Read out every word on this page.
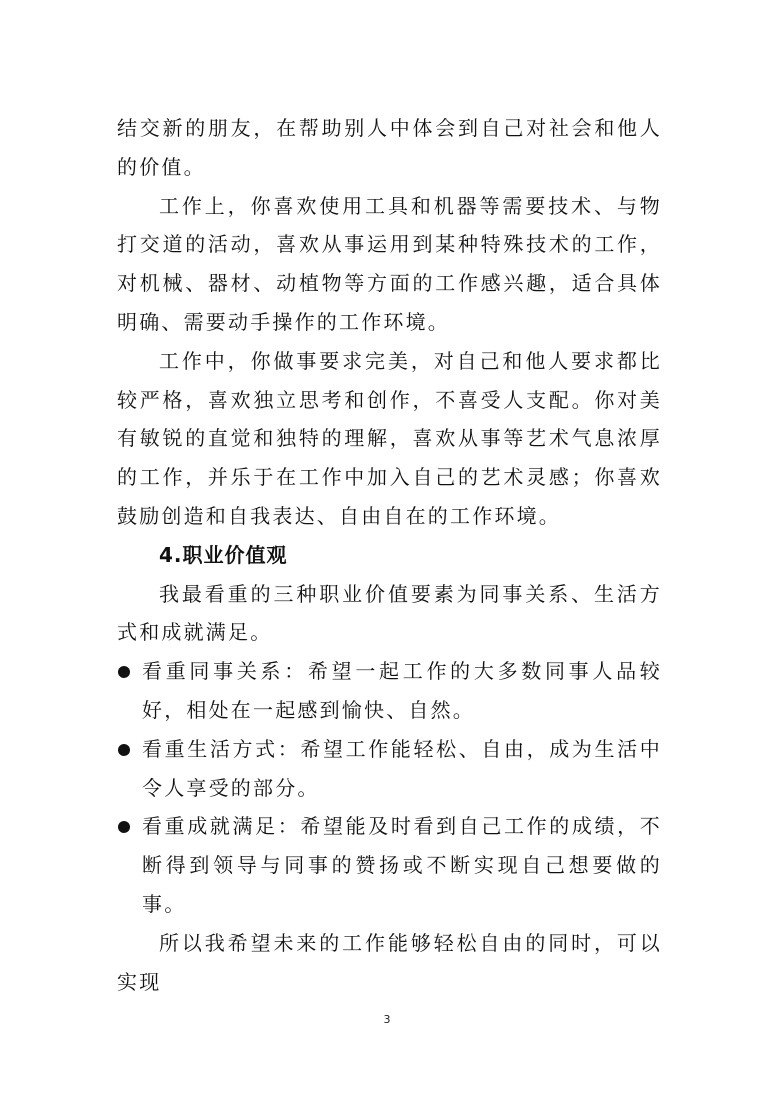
结交新的朋友，在帮助别人中体会到自己对社会和他人的价值。

工作上，你喜欢使用工具和机器等需要技术、与物打交道的活动，喜欢从事运用到某种特殊技术的工作，对机械、器材、动植物等方面的工作感兴趣，适合具体明确、需要动手操作的工作环境。

工作中，你做事要求完美，对自己和他人要求都比较严格，喜欢独立思考和创作，不喜受人支配。你对美有敏锐的直觉和独特的理解，喜欢从事等艺术气息浓厚的工作，并乐于在工作中加入自己的艺术灵感；你喜欢鼓励创造和自我表达、自由自在的工作环境。

4.职业价值观

我最看重的三种职业价值要素为同事关系、生活方式和成就满足。

看重同事关系：希望一起工作的大多数同事人品较好，相处在一起感到愉快、自然。

看重生活方式：希望工作能轻松、自由，成为生活中令人享受的部分。

看重成就满足：希望能及时看到自己工作的成绩，不断得到领导与同事的赞扬或不断实现自己想要做的事。

所以我希望未来的工作能够轻松自由的同时，可以实现

3
